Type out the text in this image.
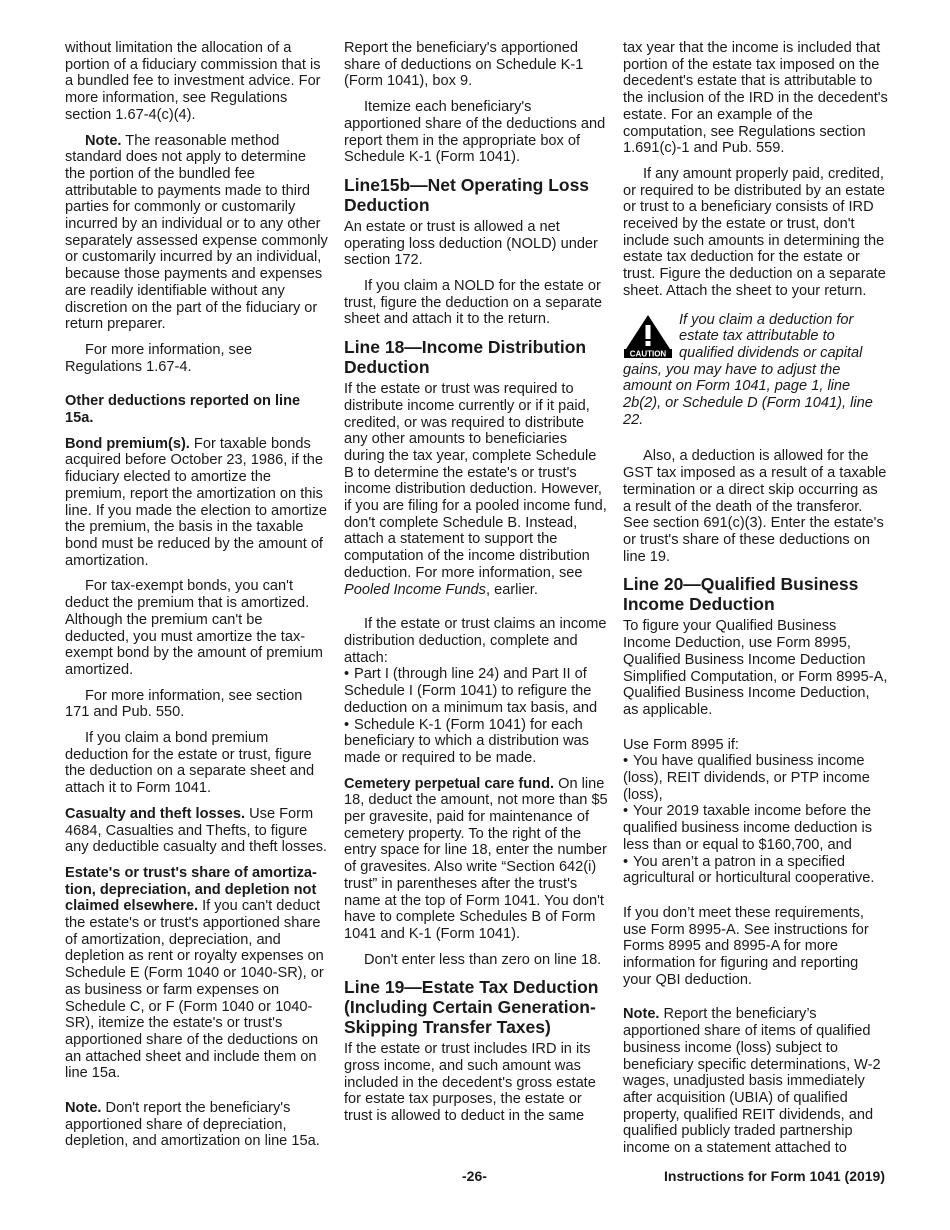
without limitation the allocation of a portion of a fiduciary commission that is a bundled fee to investment advice. For more information, see Regulations section 1.67-4(c)(4).

Note. The reasonable method standard does not apply to determine the portion of the bundled fee attributable to payments made to third parties for commonly or customarily incurred by an individual or to any other separately assessed expense commonly or customarily incurred by an individual, because those payments and expenses are readily identifiable without any discretion on the part of the fiduciary or return preparer.

For more information, see Regulations 1.67-4.

Other deductions reported on line 15a.

Bond premium(s). For taxable bonds acquired before October 23, 1986, if the fiduciary elected to amortize the premium, report the amortization on this line. If you made the election to amortize the premium, the basis in the taxable bond must be reduced by the amount of amortization.

For tax-exempt bonds, you can't deduct the premium that is amortized. Although the premium can't be deducted, you must amortize the tax-exempt bond by the amount of premium amortized.

For more information, see section 171 and Pub. 550.

If you claim a bond premium deduction for the estate or trust, figure the deduction on a separate sheet and attach it to Form 1041.

Casualty and theft losses. Use Form 4684, Casualties and Thefts, to figure any deductible casualty and theft losses.

Estate's or trust's share of amortiza-tion, depreciation, and depletion not claimed elsewhere. If you can't deduct the estate's or trust's apportioned share of amortization, depreciation, and depletion as rent or royalty expenses on Schedule E (Form 1040 or 1040-SR), or as business or farm expenses on Schedule C, or F (Form 1040 or 1040-SR), itemize the estate's or trust's apportioned share of the deductions on an attached sheet and include them on line 15a.

Note. Don't report the beneficiary's apportioned share of depreciation, depletion, and amortization on line 15a.

Report the beneficiary's apportioned share of deductions on Schedule K-1 (Form 1041), box 9.

Itemize each beneficiary's apportioned share of the deductions and report them in the appropriate box of Schedule K-1 (Form 1041).

Line15b—Net Operating Loss Deduction

An estate or trust is allowed a net operating loss deduction (NOLD) under section 172.

If you claim a NOLD for the estate or trust, figure the deduction on a separate sheet and attach it to the return.

Line 18—Income Distribution Deduction

If the estate or trust was required to distribute income currently or if it paid, credited, or was required to distribute any other amounts to beneficiaries during the tax year, complete Schedule B to determine the estate's or trust's income distribution deduction. However, if you are filing for a pooled income fund, don't complete Schedule B. Instead, attach a statement to support the computation of the income distribution deduction. For more information, see Pooled Income Funds, earlier.

If the estate or trust claims an income distribution deduction, complete and attach:

• Part I (through line 24) and Part II of Schedule I (Form 1041) to refigure the deduction on a minimum tax basis, and

• Schedule K-1 (Form 1041) for each beneficiary to which a distribution was made or required to be made.

Cemetery perpetual care fund. On line 18, deduct the amount, not more than $5 per gravesite, paid for maintenance of cemetery property. To the right of the entry space for line 18, enter the number of gravesites. Also write “Section 642(i) trust” in parentheses after the trust's name at the top of Form 1041. You don't have to complete Schedules B of Form 1041 and K-1 (Form 1041).

Don't enter less than zero on line 18.

Line 19—Estate Tax Deduction (Including Certain Generation-Skipping Transfer Taxes)

If the estate or trust includes IRD in its gross income, and such amount was included in the decedent's gross estate for estate tax purposes, the estate or trust is allowed to deduct in the same

tax year that the income is included that portion of the estate tax imposed on the decedent's estate that is attributable to the inclusion of the IRD in the decedent's estate. For an example of the computation, see Regulations section 1.691(c)-1 and Pub. 559.

If any amount properly paid, credited, or required to be distributed by an estate or trust to a beneficiary consists of IRD received by the estate or trust, don't include such amounts in determining the estate tax deduction for the estate or trust. Figure the deduction on a separate sheet. Attach the sheet to your return.

CAUTION
If you claim a deduction for estate tax attributable to qualified dividends or capital gains, you may have to adjust the amount on Form 1041, page 1, line 2b(2), or Schedule D (Form 1041), line 22.

Also, a deduction is allowed for the GST tax imposed as a result of a taxable termination or a direct skip occurring as a result of the death of the transferor. See section 691(c)(3). Enter the estate's or trust's share of these deductions on line 19.

Line 20—Qualified Business Income Deduction

To figure your Qualified Business Income Deduction, use Form 8995, Qualified Business Income Deduction Simplified Computation, or Form 8995-A, Qualified Business Income Deduction, as applicable.

Use Form 8995 if:

• You have qualified business income (loss), REIT dividends, or PTP income (loss),

• Your 2019 taxable income before the qualified business income deduction is less than or equal to $160,700, and

• You aren’t a patron in a specified agricultural or horticultural cooperative.

If you don’t meet these requirements, use Form 8995-A. See instructions for Forms 8995 and 8995-A for more information for figuring and reporting your QBI deduction.

Note. Report the beneficiary’s apportioned share of items of qualified business income (loss) subject to beneficiary specific determinations, W-2 wages, unadjusted basis immediately after acquisition (UBIA) of qualified property, qualified REIT dividends, and qualified publicly traded partnership income on a statement attached to

-26-	Instructions for Form 1041 (2019)
